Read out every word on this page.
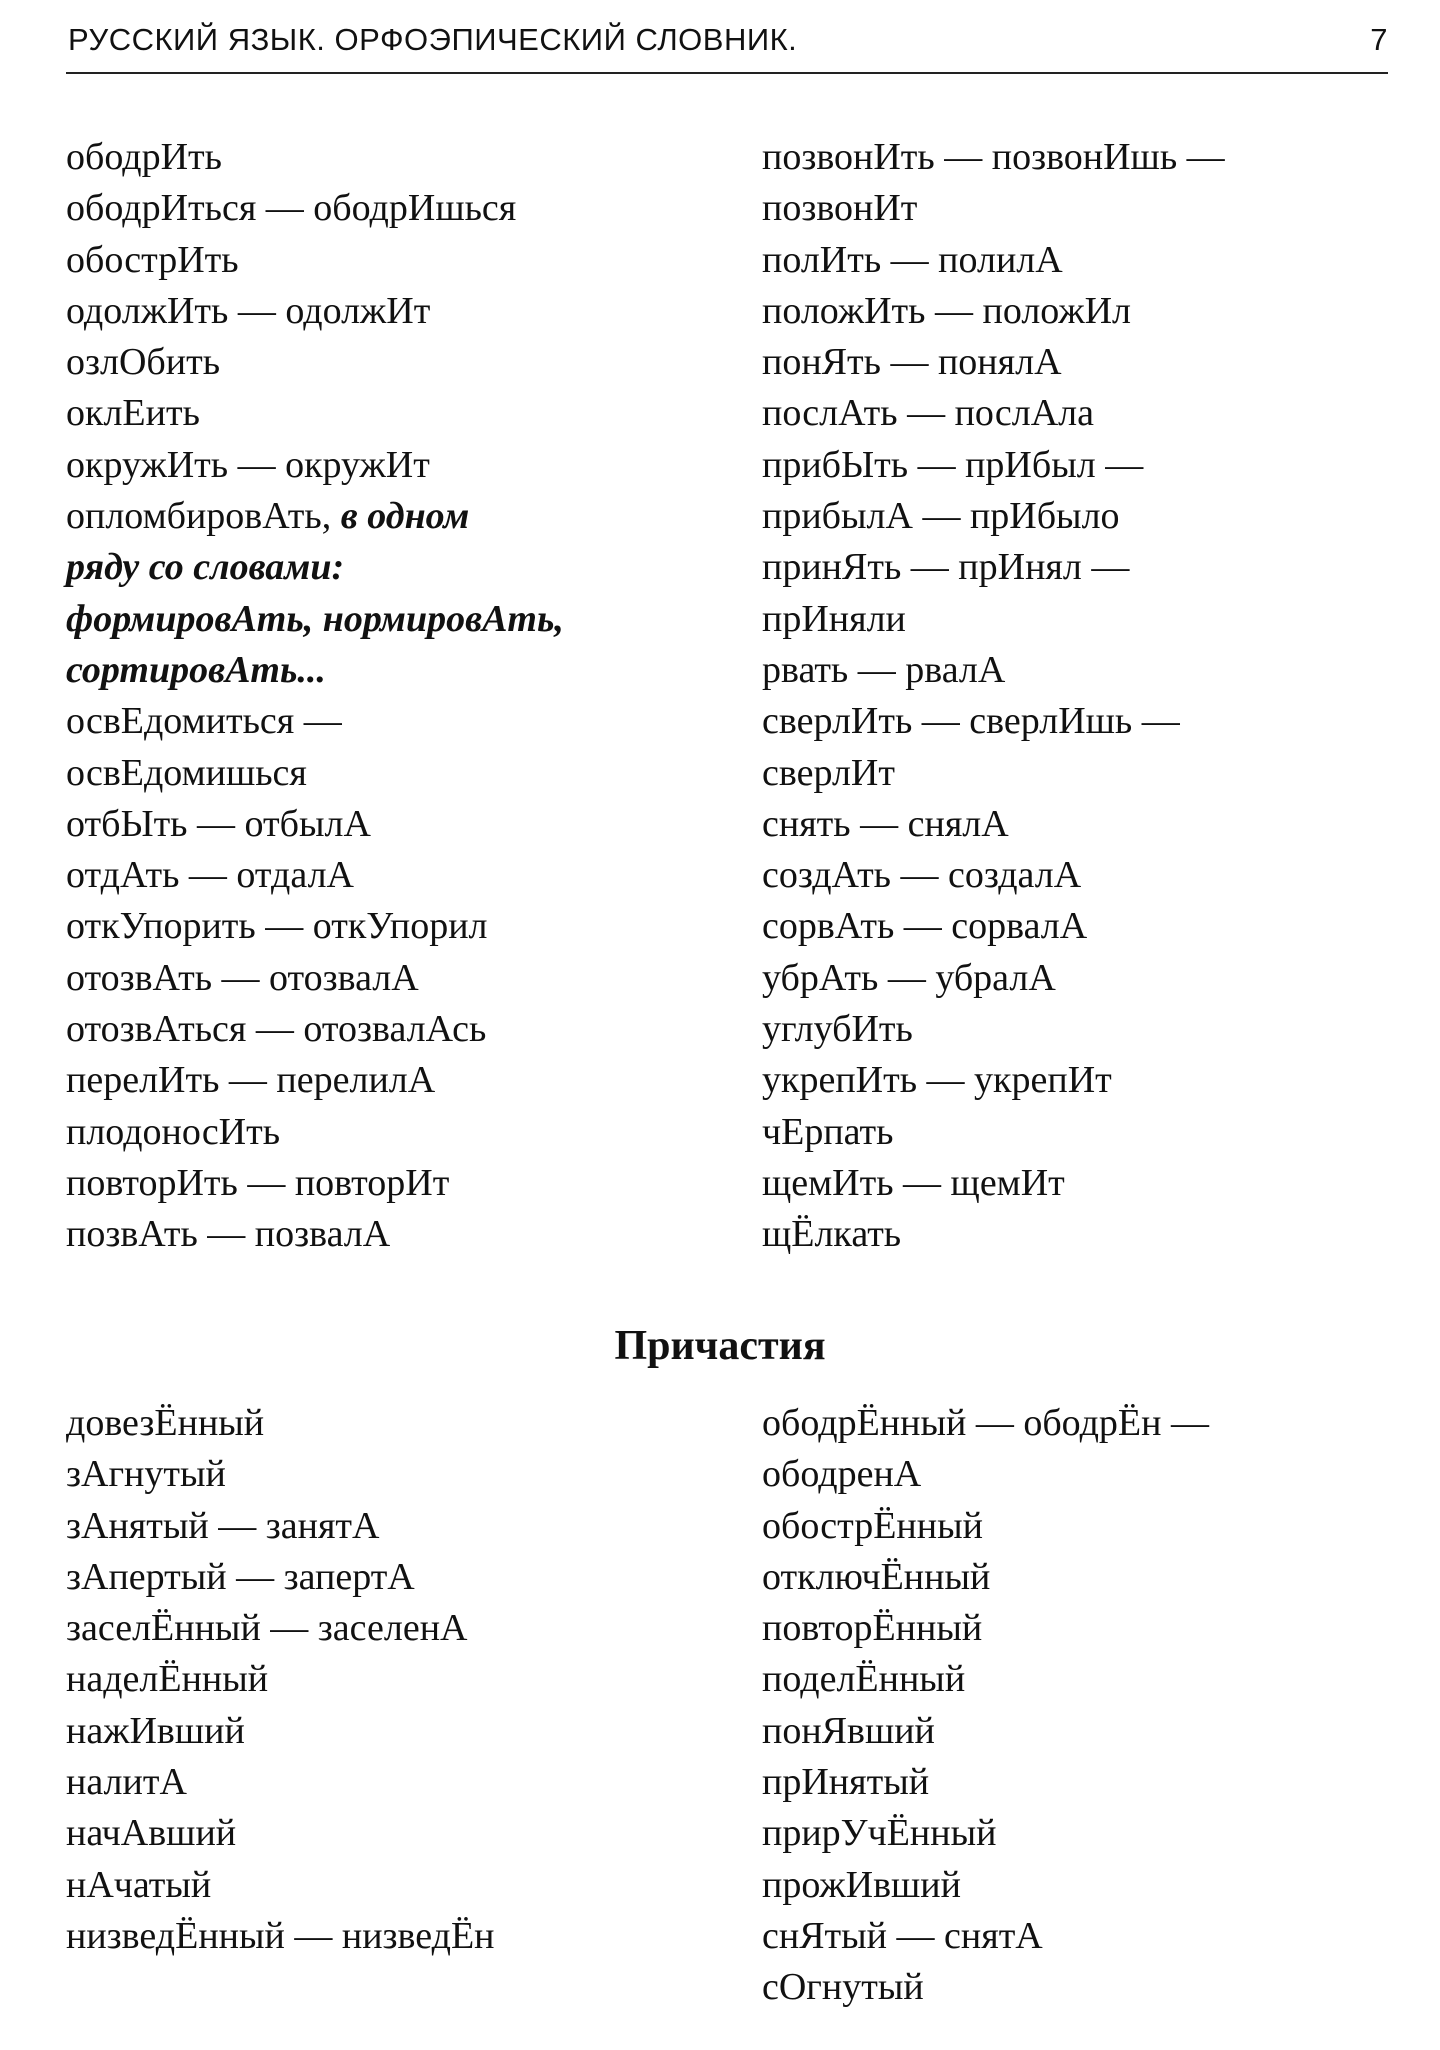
РУССКИЙ ЯЗЫК. ОРФОЭПИЧЕСКИЙ СЛОВНИК.	7
ободрИть
ободрИться — ободрИшься
обострИть
одолжИть — одолжИт
озлОбить
оклЕить
окружИть — окружИт
опломбировАть, в одном
ряду со словами:
формировАть, нормировАть,
сортировАть...
освЕдомиться —
освЕдомишься
отбЫть — отбылА
отдАть — отдалА
откУпорить — откУпорил
отозвАть — отозвалА
отозвАться — отозвалАсь
перелИть — перелилА
плодоносИть
повторИть — повторИт
позвАть — позвалА
позвонИть — позвонИшь —
позвонИт
полИть — полилА
положИть — положИл
понЯть — понялА
послАть — послАла
прибЫть — прИбыл —
прибылА — прИбыло
принЯть — прИнял —
прИняли
рвать — рвалА
сверлИть — сверлИшь —
сверлИт
снять — снялА
создАть — создалА
сорвАть — сорвалА
убрАть — убралА
углубИть
укрепИть — укрепИт
чЕрпать
щемИть — щемИт
щЁлкать
Причастия
довезЁнный
зАгнутый
зАнятый — занятА
зАпертый — запертА
заселЁнный — заселенА
наделЁнный
нажИвший
налитА
начАвший
нАчатый
низведЁнный — низведЁн
ободрЁнный — ободрЁн —
ободренА
обострЁнный
отключЁнный
повторЁнный
поделЁнный
понЯвший
прИнятый
прирУчЁнный
прожИвший
снЯтый — снятА
сОгнутый
